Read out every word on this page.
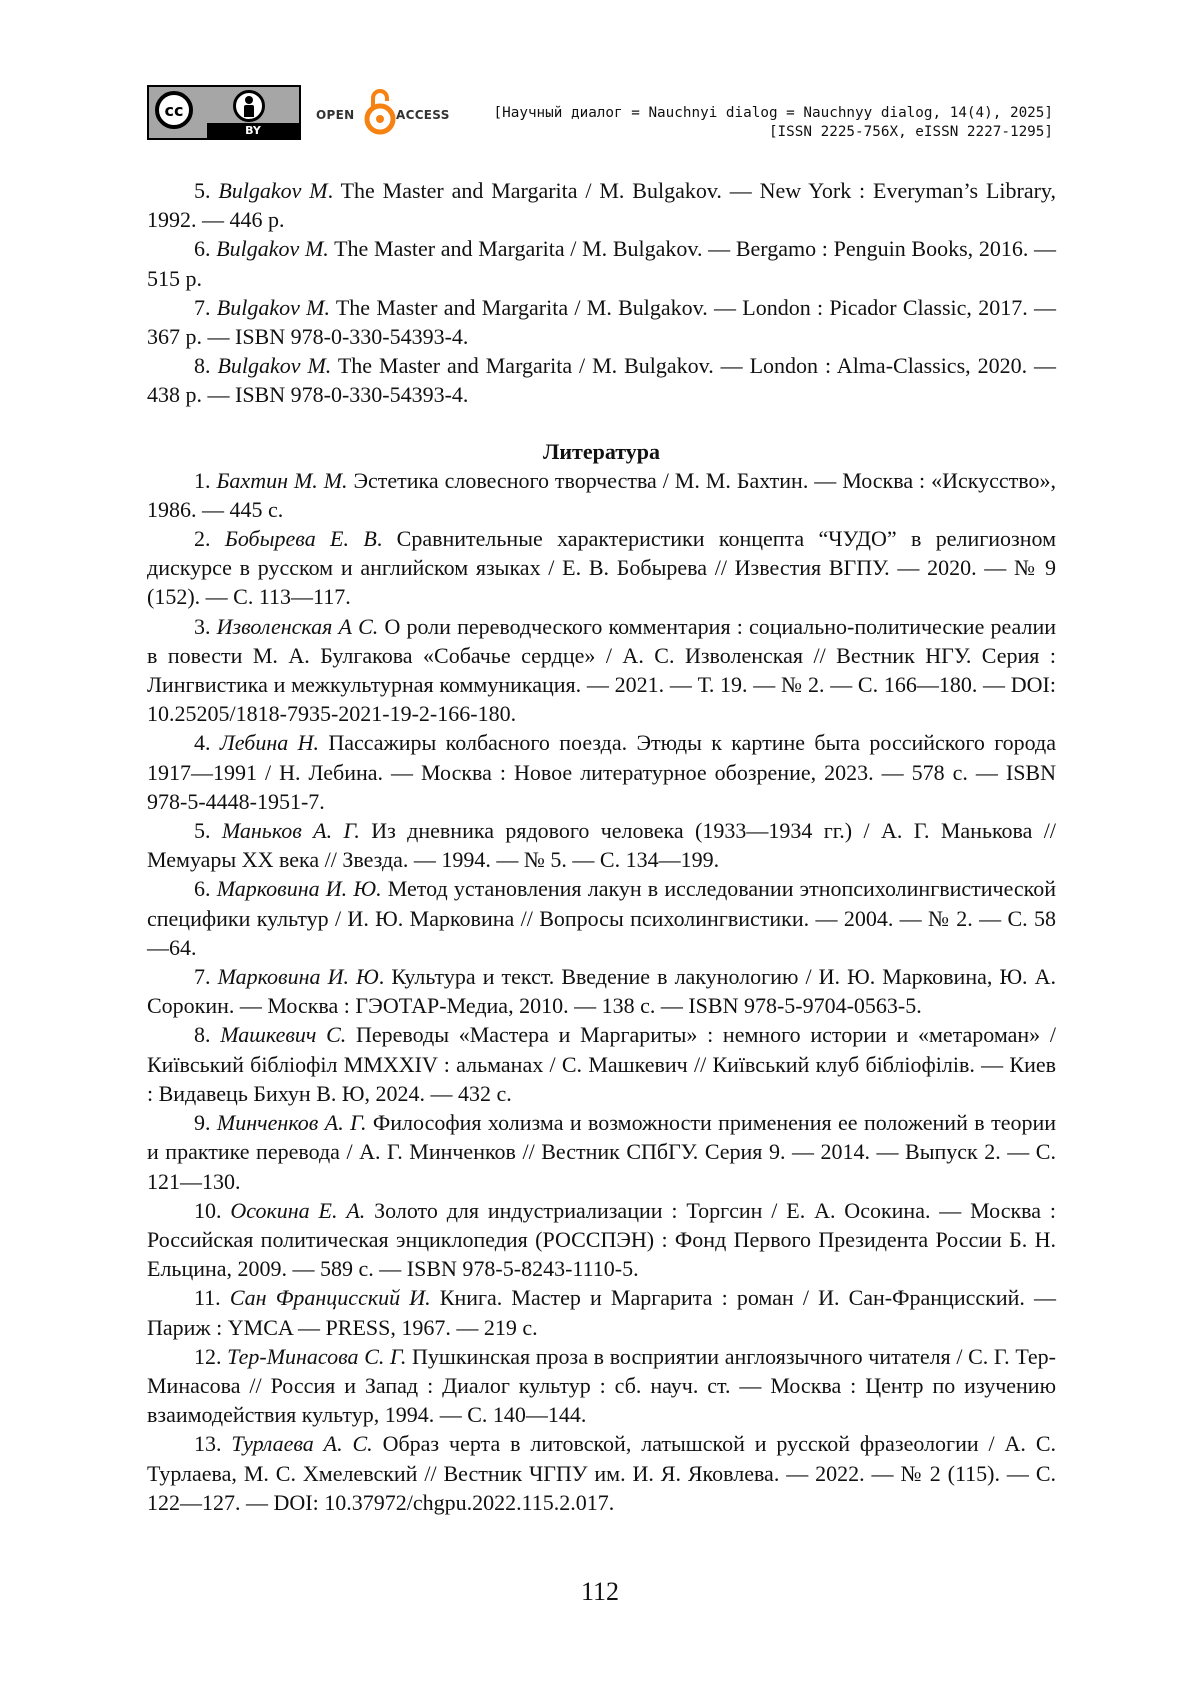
cc
BY
OPEN	ACCESS	[Научный диалог = Nauchnyi dialog = Nauchnyy dialog, 14(4), 2025]
[ISSN 2225-756X, eISSN 2227-1295]
5. Bulgakov M. The Master and Margarita / M. Bulgakov. — New York : Everyman’s Library, 1992. — 446 p.
6. Bulgakov M. The Master and Margarita / M. Bulgakov. — Bergamo : Penguin Books, 2016. — 515 p.
7. Bulgakov M. The Master and Margarita / M. Bulgakov. — London : Picador Classic, 2017. — 367 p. — ISBN 978-0-330-54393-4.
8. Bulgakov M. The Master and Margarita / M. Bulgakov. — London : Alma-Classics, 2020. — 438 p. — ISBN 978-0-330-54393-4.
Литература
1. Бахтин М. М. Эстетика словесного творчества / М. М. Бахтин. — Москва : «Искусство», 1986. — 445 с.
2. Бобырева Е. В. Сравнительные характеристики концепта “ЧУДО” в религиозном дискурсе в русском и английском языках / Е. В. Бобырева // Известия ВГПУ. — 2020. — № 9 (152). — С. 113—117.
3. Изволенская А С. О роли переводческого комментария : социально-политические реалии в повести М. А. Булгакова «Собачье сердце» / А. С. Изволенская // Вестник НГУ. Серия : Лингвистика и межкультурная коммуникация. — 2021. — Т. 19. — № 2. — С. 166—180. — DOI: 10.25205/1818-7935-2021-19-2-166-180.
4. Лебина Н. Пассажиры колбасного поезда. Этюды к картине быта российского города 1917—1991 / Н. Лебина. — Москва : Новое литературное обозрение, 2023. — 578 с. — ISBN 978-5-4448-1951-7.
5. Маньков А. Г. Из дневника рядового человека (1933—1934 гг.) / А. Г. Манькова // Мемуары XX века // Звезда. — 1994. — № 5. — С. 134—199.
6. Марковина И. Ю. Метод установления лакун в исследовании этнопсихолингвистической специфики культур / И. Ю. Марковина // Вопросы психолингвистики. — 2004. — № 2. — С. 58—64.
7. Марковина И. Ю. Культура и текст. Введение в лакунологию / И. Ю. Марковина, Ю. А. Сорокин. — Москва : ГЭОТАР-Медиа, 2010. — 138 с. — ISBN 978-5-9704-0563-5.
8. Машкевич С. Переводы «Мастера и Маргариты» : немного истории и «метароман» / Київський бібліофіл MMXXIV : альманах / С. Машкевич // Київський клуб бібліофілів. — Киев : Видавець Бихун В. Ю, 2024. — 432 с.
9. Минченков А. Г. Философия холизма и возможности применения ее положений в теории и практике перевода / А. Г. Минченков // Вестник СПбГУ. Серия 9. — 2014. — Выпуск 2. — С. 121—130.
10. Осокина Е. А. Золото для индустриализации : Торгсин / Е. А. Осокина. — Москва : Российская политическая энциклопедия (РОССПЭН) : Фонд Первого Президента России Б. Н. Ельцина, 2009. — 589 с. — ISBN 978-5-8243-1110-5.
11. Сан Францисский И. Книга. Мастер и Маргарита : роман / И. Сан-Францисский. — Париж : YMCA — PRESS, 1967. — 219 с.
12. Тер-Минасова С. Г. Пушкинская проза в восприятии англоязычного читателя / С. Г. Тер-Минасова // Россия и Запад : Диалог культур : сб. науч. ст. — Москва : Центр по изучению взаимодействия культур, 1994. — С. 140—144.
13. Турлаева А. С. Образ черта в литовской, латышской и русской фразеологии / А. С. Турлаева, М. С. Хмелевский // Вестник ЧГПУ им. И. Я. Яковлева. — 2022. — № 2 (115). — С. 122—127. — DOI: 10.37972/chgpu.2022.115.2.017.
112
